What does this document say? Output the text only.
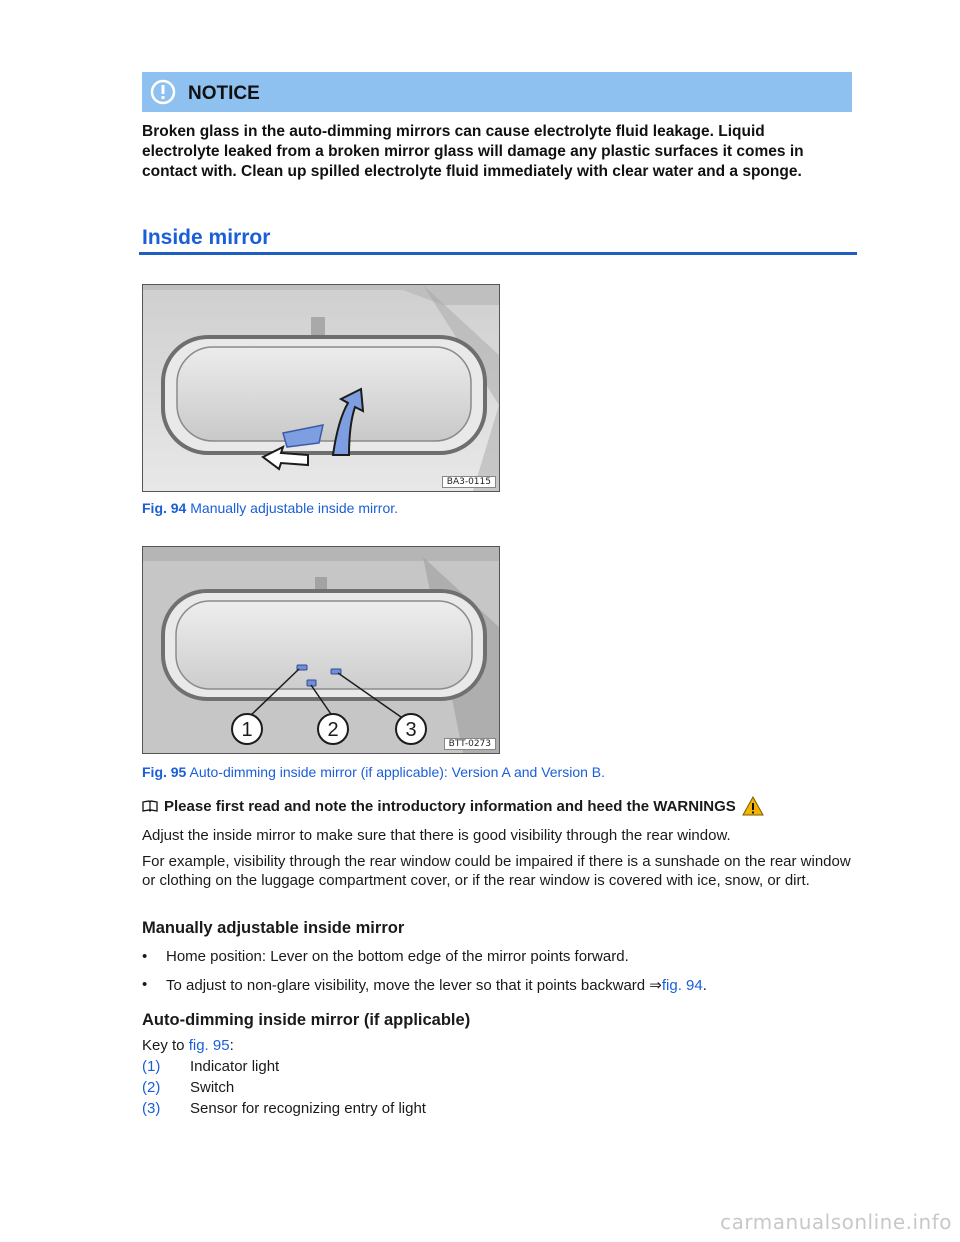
NOTICE
Broken glass in the auto-dimming mirrors can cause electrolyte fluid leakage. Liquid electrolyte leaked from a broken mirror glass will damage any plastic surfaces it comes in contact with. Clean up spilled electrolyte fluid immediately with clear water and a sponge.
Inside mirror
BA3-0115
Fig. 94 Manually adjustable inside mirror.
1	2	3
BTT-0273
Fig. 95 Auto-dimming inside mirror (if applicable): Version A and Version B.
Please first read and note the introductory information and heed the WARNINGS
Adjust the inside mirror to make sure that there is good visibility through the rear window.
For example, visibility through the rear window could be impaired if there is a sunshade on the rear window or clothing on the luggage compartment cover, or if the rear window is covered with ice, snow, or dirt.
Manually adjustable inside mirror
•	Home position: Lever on the bottom edge of the mirror points forward.
•	To adjust to non-glare visibility, move the lever so that it points backward ⇒fig. 94.
Auto-dimming inside mirror (if applicable)
Key to fig. 95:
(1)	Indicator light
(2)	Switch
(3)	Sensor for recognizing entry of light
carmanualsonline.info
